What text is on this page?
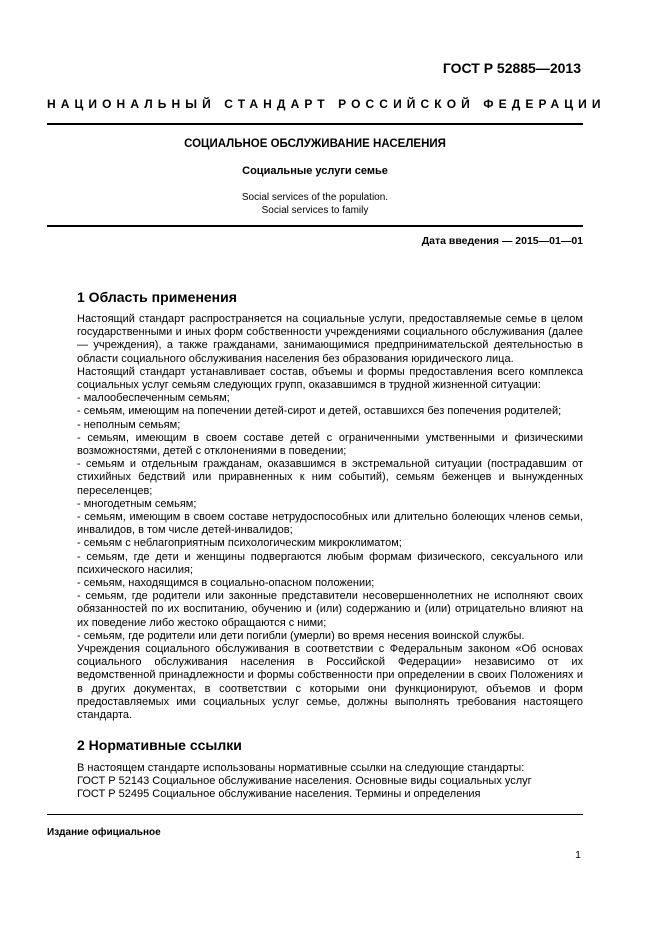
ГОСТ Р 52885—2013
НАЦИОНАЛЬНЫЙ СТАНДАРТ РОССИЙСКОЙ ФЕДЕРАЦИИ
СОЦИАЛЬНОЕ ОБСЛУЖИВАНИЕ НАСЕЛЕНИЯ
Социальные услуги семье
Social services of the population.
Social services to family
Дата введения — 2015—01—01
1 Область применения

Настоящий стандарт распространяется на социальные услуги, предоставляемые семье в целом государственными и иных форм собственности учреждениями социального обслуживания (далее — учреждения), а также гражданами, занимающимися предпринимательской деятельностью в области социального обслуживания населения без образования юридического лица.

Настоящий стандарт устанавливает состав, объемы и формы предоставления всего комплекса социальных услуг семьям следующих групп, оказавшимся в трудной жизненной ситуации:

- малообеспеченным семьям;

- семьям, имеющим на попечении детей-сирот и детей, оставшихся без попечения родителей;

- неполным семьям;

- семьям, имеющим в своем составе детей с ограниченными умственными и физическими возможностями, детей с отклонениями в поведении;

- семьям и отдельным гражданам, оказавшимся в экстремальной ситуации (пострадавшим от стихийных бедствий или приравненных к ним событий), семьям беженцев и вынужденных переселенцев;

- многодетным семьям;

- семьям, имеющим в своем составе нетрудоспособных или длительно болеющих членов семьи, инвалидов, в том числе детей-инвалидов;

- семьям с неблагоприятным психологическим микроклиматом;

- семьям, где дети и женщины подвергаются любым формам физического, сексуального или психического насилия;

- семьям, находящимся в социально-опасном положении;

- семьям, где родители или законные представители несовершеннолетних не исполняют своих обязанностей по их воспитанию, обучению и (или) содержанию и (или) отрицательно влияют на их поведение либо жестоко обращаются с ними;

- семьям, где родители или дети погибли (умерли) во время несения воинской службы.

Учреждения социального обслуживания в соответствии с Федеральным законом «Об основах социального обслуживания населения в Российской Федерации» независимо от их ведомственной принадлежности и формы собственности при определении в своих Положениях и в других документах, в соответствии с которыми они функционируют, объемов и форм предоставляемых ими социальных услуг семье, должны выполнять требования настоящего стандарта.

2 Нормативные ссылки

В настоящем стандарте использованы нормативные ссылки на следующие стандарты:

ГОСТ Р 52143 Социальное обслуживание населения. Основные виды социальных услуг

ГОСТ Р 52495 Социальное обслуживание населения. Термины и определения

Издание официальное
1
